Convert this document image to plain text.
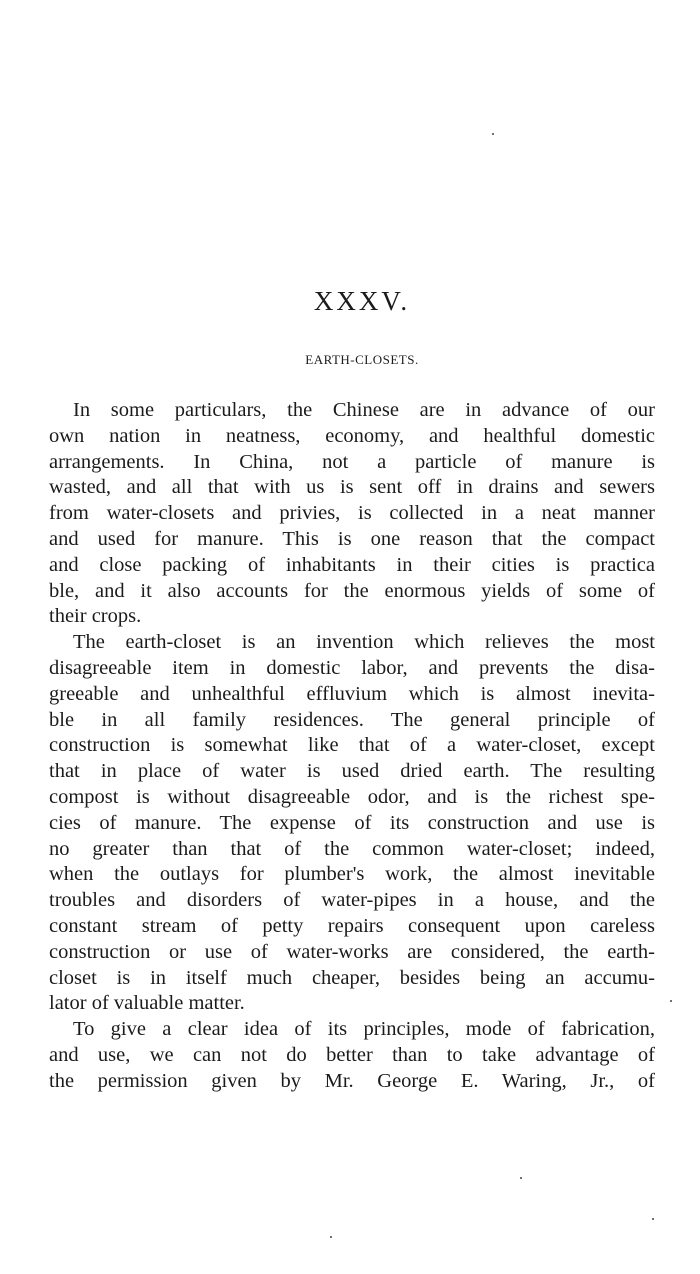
XXXV.
EARTH-CLOSETS.
In some particulars, the Chinese are in advance of our
own nation in neatness, economy, and healthful domestic
arrangements. In China, not a particle of manure is
wasted, and all that with us is sent off in drains and sewers
from water-closets and privies, is collected in a neat manner
and used for manure. This is one reason that the compact
and close packing of inhabitants in their cities is practica
ble, and it also accounts for the enormous yields of some of
their crops.
The earth-closet is an invention which relieves the most
disagreeable item in domestic labor, and prevents the disa-
greeable and unhealthful effluvium which is almost inevita-
ble in all family residences. The general principle of
construction is somewhat like that of a water-closet, except
that in place of water is used dried earth. The resulting
compost is without disagreeable odor, and is the richest spe-
cies of manure. The expense of its construction and use is
no greater than that of the common water-closet; indeed,
when the outlays for plumber's work, the almost inevitable
troubles and disorders of water-pipes in a house, and the
constant stream of petty repairs consequent upon careless
construction or use of water-works are considered, the earth-
closet is in itself much cheaper, besides being an accumu-
lator of valuable matter.
To give a clear idea of its principles, mode of fabrication,
and use, we can not do better than to take advantage of
the permission given by Mr. George E. Waring, Jr., of
